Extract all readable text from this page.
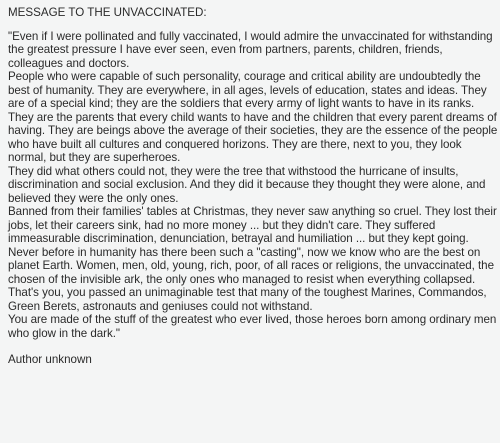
MESSAGE TO THE UNVACCINATED:

"Even if I were pollinated and fully vaccinated, I would admire the unvaccinated for withstanding the greatest pressure I have ever seen, even from partners, parents, children, friends, colleagues and doctors.

People who were capable of such personality, courage and critical ability are undoubtedly the best of humanity. They are everywhere, in all ages, levels of education, states and ideas. They are of a special kind; they are the soldiers that every army of light wants to have in its ranks. They are the parents that every child wants to have and the children that every parent dreams of having. They are beings above the average of their societies, they are the essence of the people who have built all cultures and conquered horizons. They are there, next to you, they look normal, but they are superheroes.

They did what others could not, they were the tree that withstood the hurricane of insults, discrimination and social exclusion. And they did it because they thought they were alone, and believed they were the only ones.

Banned from their families' tables at Christmas, they never saw anything so cruel. They lost their jobs, let their careers sink, had no more money ... but they didn't care. They suffered immeasurable discrimination, denunciation, betrayal and humiliation ... but they kept going.

Never before in humanity has there been such a "casting", now we know who are the best on planet Earth. Women, men, old, young, rich, poor, of all races or religions, the unvaccinated, the chosen of the invisible ark, the only ones who managed to resist when everything collapsed.

That's you, you passed an unimaginable test that many of the toughest Marines, Commandos, Green Berets, astronauts and geniuses could not withstand.

You are made of the stuff of the greatest who ever lived, those heroes born among ordinary men who glow in the dark."

Author unknown
